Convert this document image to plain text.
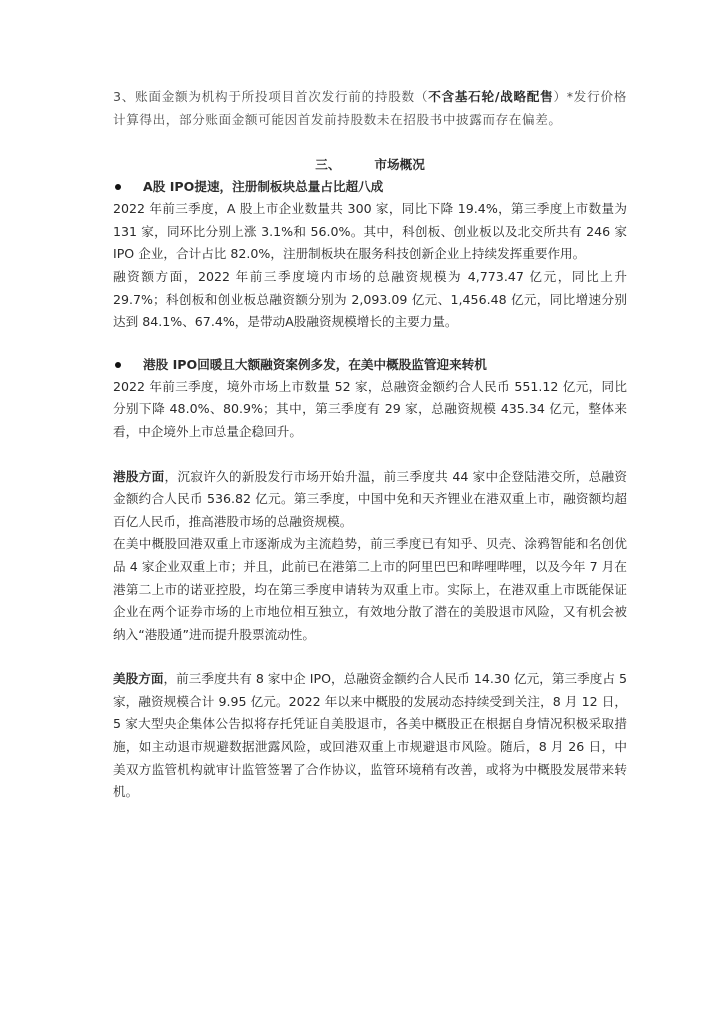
3、账面金额为机构于所投项目首次发行前的持股数（不含基石轮/战略配售）*发行价格计算得出，部分账面金额可能因首发前持股数未在招股书中披露而存在偏差。

三、	市场概况
A股 IPO提速，注册制板块总量占比超八成

2022 年前三季度，A 股上市企业数量共 300 家，同比下降 19.4%，第三季度上市数量为 131 家，同环比分别上涨 3.1%和 56.0%。其中，科创板、创业板以及北交所共有 246 家 IPO 企业，合计占比 82.0%，注册制板块在服务科技创新企业上持续发挥重要作用。

融资额方面，2022 年前三季度境内市场的总融资规模为 4,773.47 亿元，同比上升 29.7%；科创板和创业板总融资额分别为 2,093.09 亿元、1,456.48 亿元，同比增速分别达到 84.1%、67.4%，是带动A股融资规模增长的主要力量。

港股 IPO回暖且大额融资案例多发，在美中概股监管迎来转机

2022 年前三季度，境外市场上市数量 52 家，总融资金额约合人民币 551.12 亿元，同比分别下降 48.0%、80.9%；其中，第三季度有 29 家，总融资规模 435.34 亿元，整体来看，中企境外上市总量企稳回升。

港股方面，沉寂许久的新股发行市场开始升温，前三季度共 44 家中企登陆港交所，总融资金额约合人民币 536.82 亿元。第三季度，中国中免和天齐锂业在港双重上市，融资额均超百亿人民币，推高港股市场的总融资规模。

在美中概股回港双重上市逐渐成为主流趋势，前三季度已有知乎、贝壳、涂鸦智能和名创优品 4 家企业双重上市；并且，此前已在港第二上市的阿里巴巴和哔哩哔哩，以及今年 7 月在港第二上市的诺亚控股，均在第三季度申请转为双重上市。实际上，在港双重上市既能保证企业在两个证券市场的上市地位相互独立，有效地分散了潜在的美股退市风险，又有机会被纳入“港股通”进而提升股票流动性。

美股方面，前三季度共有 8 家中企 IPO，总融资金额约合人民币 14.30 亿元，第三季度占 5 家，融资规模合计 9.95 亿元。2022 年以来中概股的发展动态持续受到关注，8 月 12 日，5 家大型央企集体公告拟将存托凭证自美股退市，各美中概股正在根据自身情况积极采取措施，如主动退市规避数据泄露风险，或回港双重上市规避退市风险。随后，8 月 26 日，中美双方监管机构就审计监管签署了合作协议，监管环境稍有改善，或将为中概股发展带来转机。
